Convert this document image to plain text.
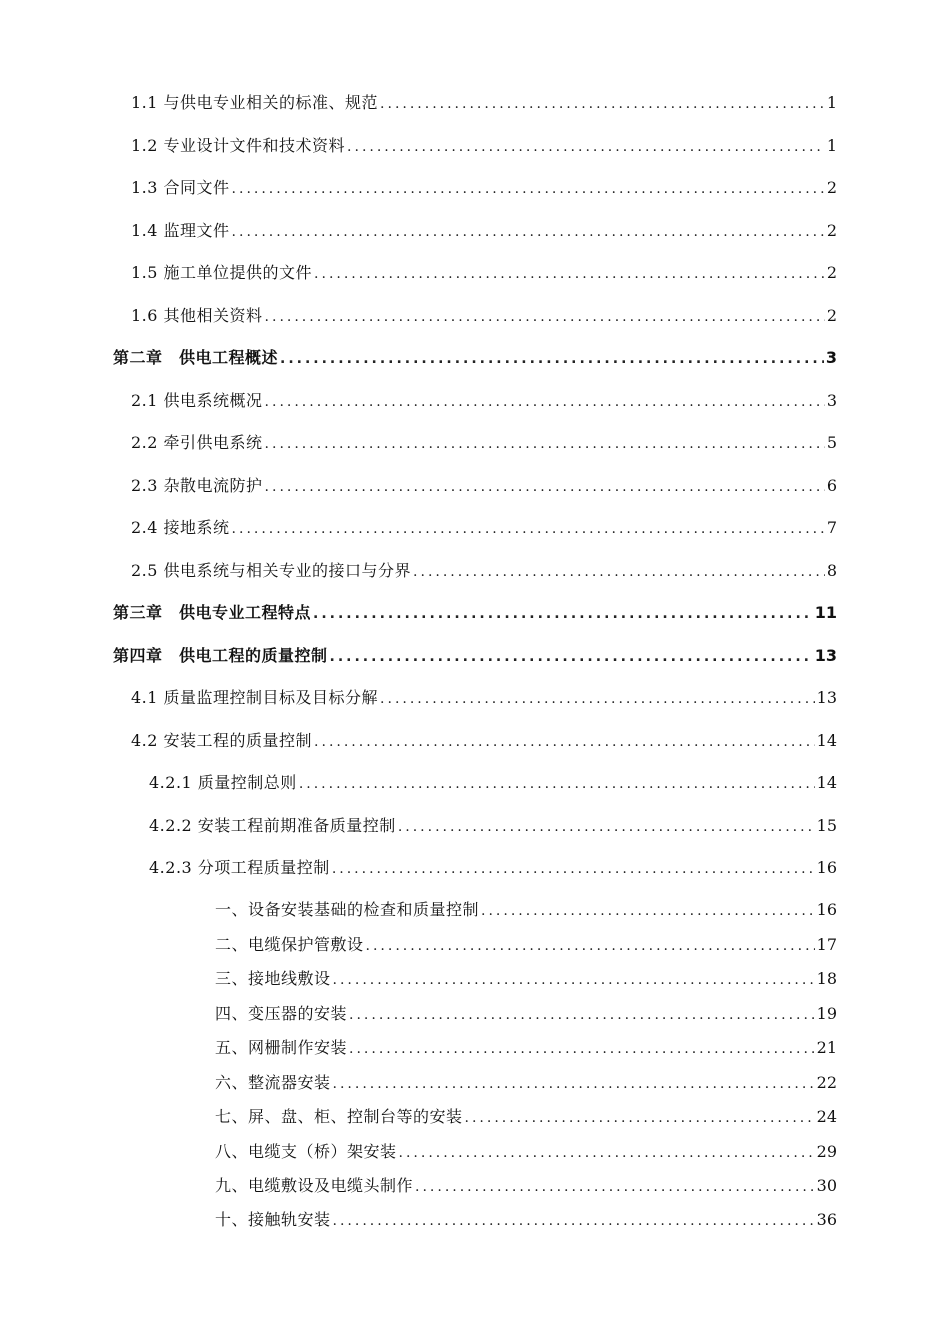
1.1 与供电专业相关的标准、规范 .....	1
1.2 专业设计文件和技术资料 .....	1
1.3 合同文件 .....	2
1.4 监理文件 .....	2
1.5 施工单位提供的文件 .....	2
1.6 其他相关资料 .....	2
第二章　供电工程概述 .....	3
2.1 供电系统概况 .....	3
2.2 牵引供电系统 .....	5
2.3 杂散电流防护 .....	6
2.4 接地系统 .....	7
2.5 供电系统与相关专业的接口与分界 .....	8
第三章　供电专业工程特点 .....	11
第四章　供电工程的质量控制 .....	13
4.1 质量监理控制目标及目标分解 .....	13
4.2 安装工程的质量控制 .....	14
4.2.1 质量控制总则 .....	14
4.2.2 安装工程前期准备质量控制 .....	15
4.2.3 分项工程质量控制 .....	16
一、设备安装基础的检查和质量控制 .....	16
二、电缆保护管敷设 .....	17
三、接地线敷设 .....	18
四、变压器的安装 .....	19
五、网栅制作安装 .....	21
六、整流器安装 .....	22
七、屏、盘、柜、控制台等的安装 .....	24
八、电缆支（桥）架安装 .....	29
九、电缆敷设及电缆头制作 .....	30
十、接触轨安装 .....	36
